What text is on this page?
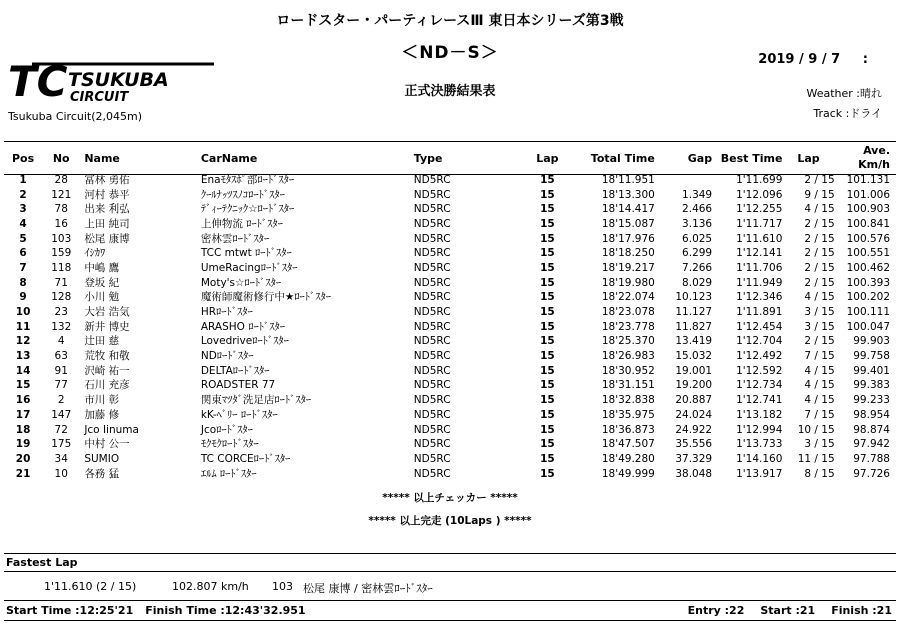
ロードスター・パーティレースⅢ 東日本シリーズ第3戦
＜ND－S＞
正式決勝結果表
2019 / 9 / 7 :
Weather :晴れ
Track :ドライ
TC TSUKUBA
CIRCUIT
Tsukuba Circuit(2,045m)
Pos	No	Name	CarName	Type	Lap	Total Time	Gap	Best Time	Lap	Ave.
Km/h
1	28	冨林 勇佑	Enaﾓﾀｽﾎﾟ部ﾛｰﾄﾞｽﾀｰ	ND5RC	15	18'11.951		1'11.699	2 / 15	101.131
2	121	河村 恭平	ｸｰﾙﾅｯﾂｽﾉｺﾛｰﾄﾞｽﾀｰ	ND5RC	15	18'13.300	1.349	1'12.096	9 / 15	101.006
3	78	出来 利弘	ﾃﾞｨｰﾃｸﾆｯｸ☆ﾛｰﾄﾞｽﾀｰ	ND5RC	15	18'14.417	2.466	1'12.255	4 / 15	100.903
4	16	上田 純司	上伸物流 ﾛｰﾄﾞｽﾀｰ	ND5RC	15	18'15.087	3.136	1'11.717	2 / 15	100.841
5	103	松尾 康博	密林雲ﾛｰﾄﾞｽﾀｰ	ND5RC	15	18'17.976	6.025	1'11.610	2 / 15	100.576
6	159	ｲｼｶﾜ	TCC mtwt ﾛｰﾄﾞｽﾀｰ	ND5RC	15	18'18.250	6.299	1'12.141	2 / 15	100.551
7	118	中嶋 鷹	UmeRacingﾛｰﾄﾞｽﾀｰ	ND5RC	15	18'19.217	7.266	1'11.706	2 / 15	100.462
8	71	登坂 紀	Moty's☆ﾛｰﾄﾞｽﾀｰ	ND5RC	15	18'19.980	8.029	1'11.949	2 / 15	100.393
9	128	小川 勉	魔術師魔術修行中★ﾛｰﾄﾞｽﾀｰ	ND5RC	15	18'22.074	10.123	1'12.346	4 / 15	100.202
10	23	大岩 浩気	HRﾛｰﾄﾞｽﾀｰ	ND5RC	15	18'23.078	11.127	1'11.891	3 / 15	100.111
11	132	新井 博史	ARASHO ﾛｰﾄﾞｽﾀｰ	ND5RC	15	18'23.778	11.827	1'12.454	3 / 15	100.047
12	4	辻田 慈	Lovedriveﾛｰﾄﾞｽﾀｰ	ND5RC	15	18'25.370	13.419	1'12.704	2 / 15	99.903
13	63	荒牧 和敬	NDﾛｰﾄﾞｽﾀｰ	ND5RC	15	18'26.983	15.032	1'12.492	7 / 15	99.758
14	91	沢崎 祐一	DELTAﾛｰﾄﾞｽﾀｰ	ND5RC	15	18'30.952	19.001	1'12.592	4 / 15	99.401
15	77	石川 充彦	ROADSTER 77	ND5RC	15	18'31.151	19.200	1'12.734	4 / 15	99.383
16	2	市川 彰	関東ﾏﾂﾀﾞ洗足店ﾛｰﾄﾞｽﾀｰ	ND5RC	15	18'32.838	20.887	1'12.741	4 / 15	99.233
17	147	加藤 修	kK-ﾍﾞﾘｰ ﾛｰﾄﾞｽﾀｰ	ND5RC	15	18'35.975	24.024	1'13.182	7 / 15	98.954
18	72	Jco Iinuma	Jcoﾛｰﾄﾞｽﾀｰ	ND5RC	15	18'36.873	24.922	1'12.994	10 / 15	98.874
19	175	中村 公一	ﾓｸﾓｸﾛｰﾄﾞｽﾀｰ	ND5RC	15	18'47.507	35.556	1'13.733	3 / 15	97.942
20	34	SUMIO	TC CORCEﾛｰﾄﾞｽﾀｰ	ND5RC	15	18'49.280	37.329	1'14.160	11 / 15	97.788
21	10	各務 猛	ｴﾙﾑ ﾛｰﾄﾞｽﾀｰ	ND5RC	15	18'49.999	38.048	1'13.917	8 / 15	97.726
***** 以上チェッカー *****
***** 以上完走 (10Laps ) *****
Fastest Lap
1'11.610 (2 / 15)	102.807 km/h 103 松尾 康博 / 密林雲ﾛｰﾄﾞｽﾀｰ
Start Time :12:25'21 Finish Time :12:43'32.951	Entry :22 Start :21 Finish :21
